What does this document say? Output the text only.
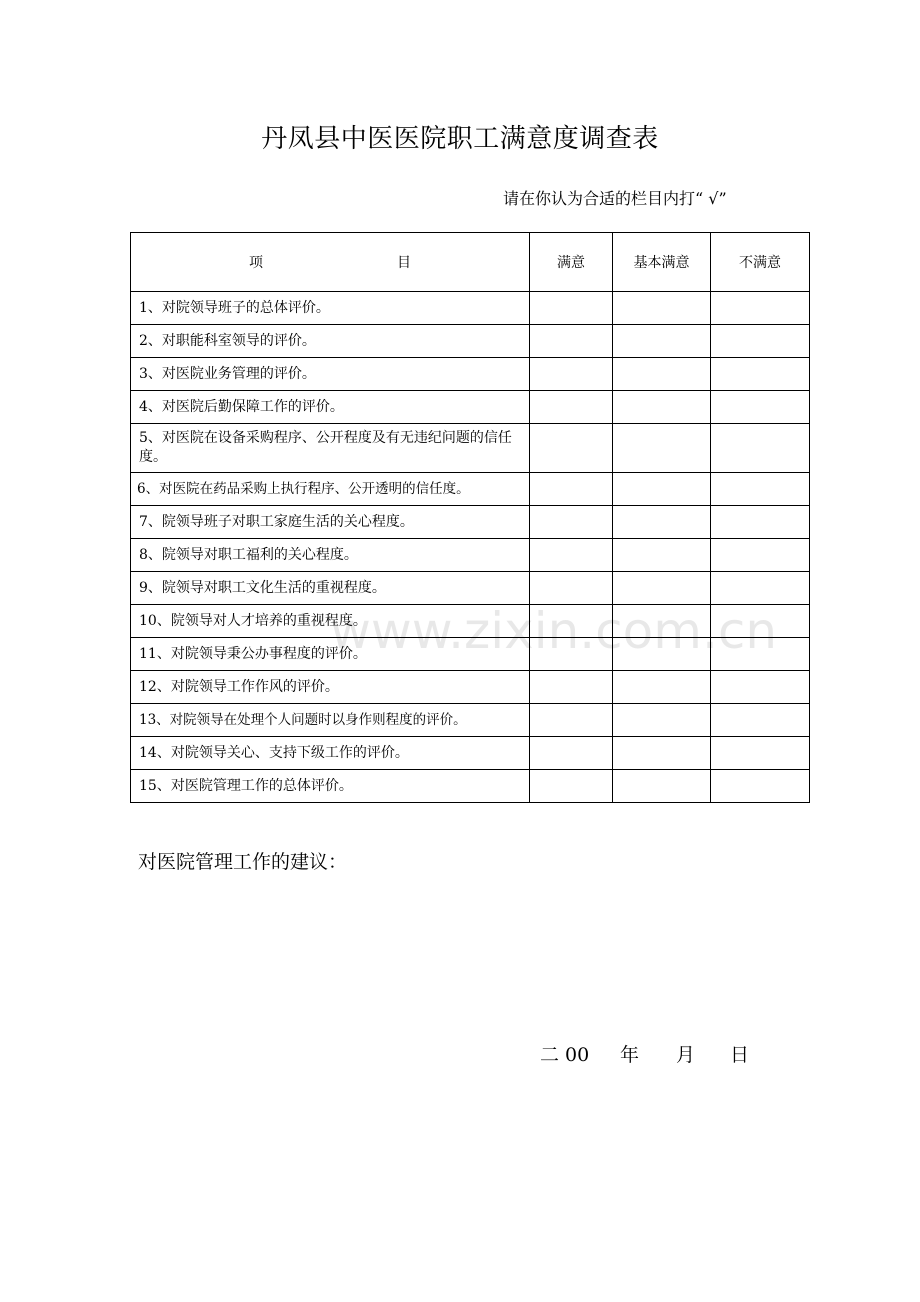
丹凤县中医医院职工满意度调查表
请在你认为合适的栏目内打“ √”
项 目	满意	基本满意	不满意
1、对院领导班子的总体评价。			
2、对职能科室领导的评价。			
3、对医院业务管理的评价。			
4、对医院后勤保障工作的评价。			
5、对医院在设备采购程序、公开程度及有无违纪问题的信任度。			
6、对医院在药品采购上执行程序、公开透明的信任度。			
7、院领导班子对职工家庭生活的关心程度。			
8、院领导对职工福利的关心程度。			
9、院领导对职工文化生活的重视程度。			
10、院领导对人才培养的重视程度。			
11、对院领导秉公办事程度的评价。			
12、对院领导工作作风的评价。			
13、对院领导在处理个人问题时以身作则程度的评价。			
14、对院领导关心、支持下级工作的评价。			
15、对医院管理工作的总体评价。			
对医院管理工作的建议：
二 00 年 月 日
www.zixin.com.cn
